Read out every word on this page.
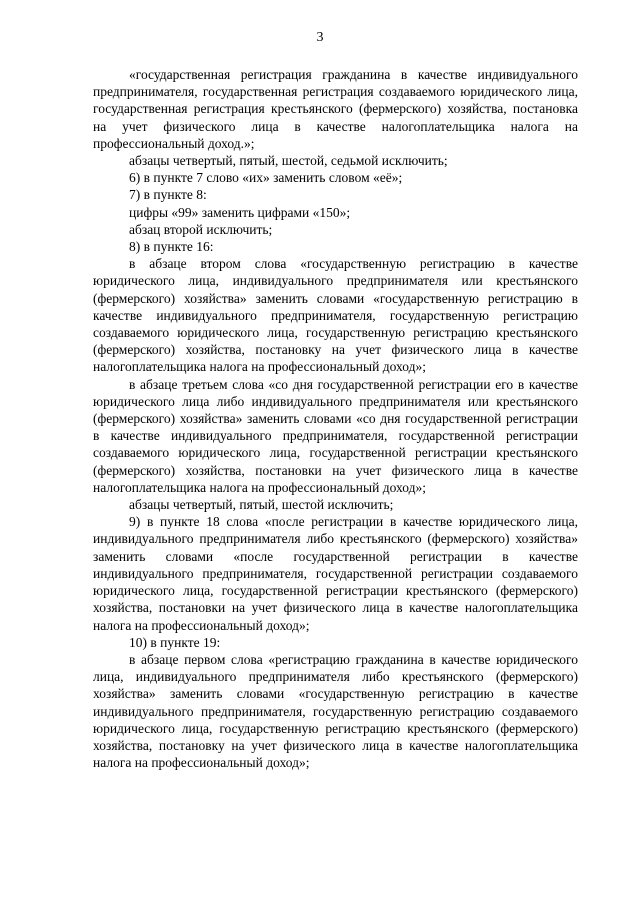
3

«государственная регистрация гражданина в качестве индивидуального предпринимателя, государственная регистрация создаваемого юридического лица, государственная регистрация крестьянского (фермерского) хозяйства, постановка на учет физического лица в качестве налогоплательщика налога на профессиональный доход.»;

абзацы четвертый, пятый, шестой, седьмой исключить;

6) в пункте 7 слово «их» заменить словом «её»;

7) в пункте 8:

цифры «99» заменить цифрами «150»;

абзац второй исключить;

8) в пункте 16:

в абзаце втором слова «государственную регистрацию в качестве юридического лица, индивидуального предпринимателя или крестьянского (фермерского) хозяйства» заменить словами «государственную регистрацию в качестве индивидуального предпринимателя, государственную регистрацию создаваемого юридического лица, государственную регистрацию крестьянского (фермерского) хозяйства, постановку на учет физического лица в качестве налогоплательщика налога на профессиональный доход»;

в абзаце третьем слова «со дня государственной регистрации его в качестве юридического лица либо индивидуального предпринимателя или крестьянского (фермерского) хозяйства» заменить словами «со дня государственной регистрации в качестве индивидуального предпринимателя, государственной регистрации создаваемого юридического лица, государственной регистрации крестьянского (фермерского) хозяйства, постановки на учет физического лица в качестве налогоплательщика налога на профессиональный доход»;

абзацы четвертый, пятый, шестой исключить;

9) в пункте 18 слова «после регистрации в качестве юридического лица, индивидуального предпринимателя либо крестьянского (фермерского) хозяйства» заменить словами «после государственной регистрации в качестве индивидуального предпринимателя, государственной регистрации создаваемого юридического лица, государственной регистрации крестьянского (фермерского) хозяйства, постановки на учет физического лица в качестве налогоплательщика налога на профессиональный доход»;

10) в пункте 19:

в абзаце первом слова «регистрацию гражданина в качестве юридического лица, индивидуального предпринимателя либо крестьянского (фермерского) хозяйства» заменить словами «государственную регистрацию в качестве индивидуального предпринимателя, государственную регистрацию создаваемого юридического лица, государственную регистрацию крестьянского (фермерского) хозяйства, постановку на учет физического лица в качестве налогоплательщика налога на профессиональный доход»;
